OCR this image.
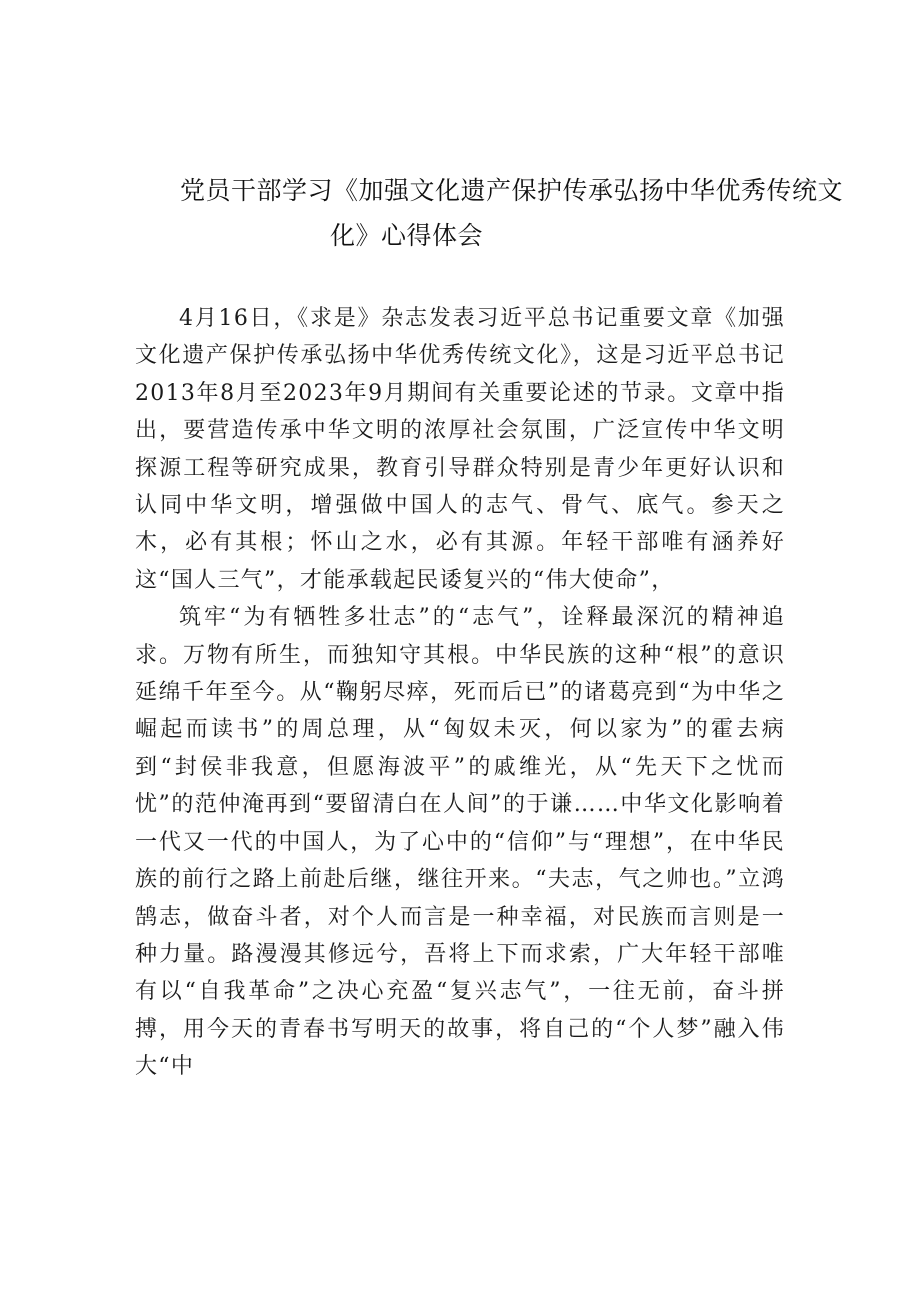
党员干部学习《加强文化遗产保护传承弘扬中华优秀传统文
化》心得体会

4月16日，《求是》杂志发表习近平总书记重要文章《加强文化遗产保护传承弘扬中华优秀传统文化》，这是习近平总书记2013年8月至2023年9月期间有关重要论述的节录。文章中指出，要营造传承中华文明的浓厚社会氛围，广泛宣传中华文明探源工程等研究成果，教育引导群众特别是青少年更好认识和认同中华文明，增强做中国人的志气、骨气、底气。参天之木，必有其根；怀山之水，必有其源。年轻干部唯有涵养好这“国人三气”，才能承载起民诿复兴的“伟大使命”，

筑牢“为有牺牲多壮志”的“志气”，诠释最深沉的精神追求。万物有所生，而独知守其根。中华民族的这种“根”的意识延绵千年至今。从“鞠躬尽瘁，死而后已”的诸葛亮到“为中华之崛起而读书”的周总理，从“匈奴未灭，何以家为”的霍去病到“封侯非我意，但愿海波平”的戚维光，从“先天下之忧而忧”的范仲淹再到“要留清白在人间”的于谦……中华文化影响着一代又一代的中国人，为了心中的“信仰”与“理想”，在中华民族的前行之路上前赴后继，继往开来。“夫志，气之帅也。”立鸿鹄志，做奋斗者，对个人而言是一种幸福，对民族而言则是一种力量。路漫漫其修远兮，吾将上下而求索，广大年轻干部唯有以“自我革命”之决心充盈“复兴志气”，一往无前，奋斗拼搏，用今天的青春书写明天的故事，将自己的“个人梦”融入伟大“中
